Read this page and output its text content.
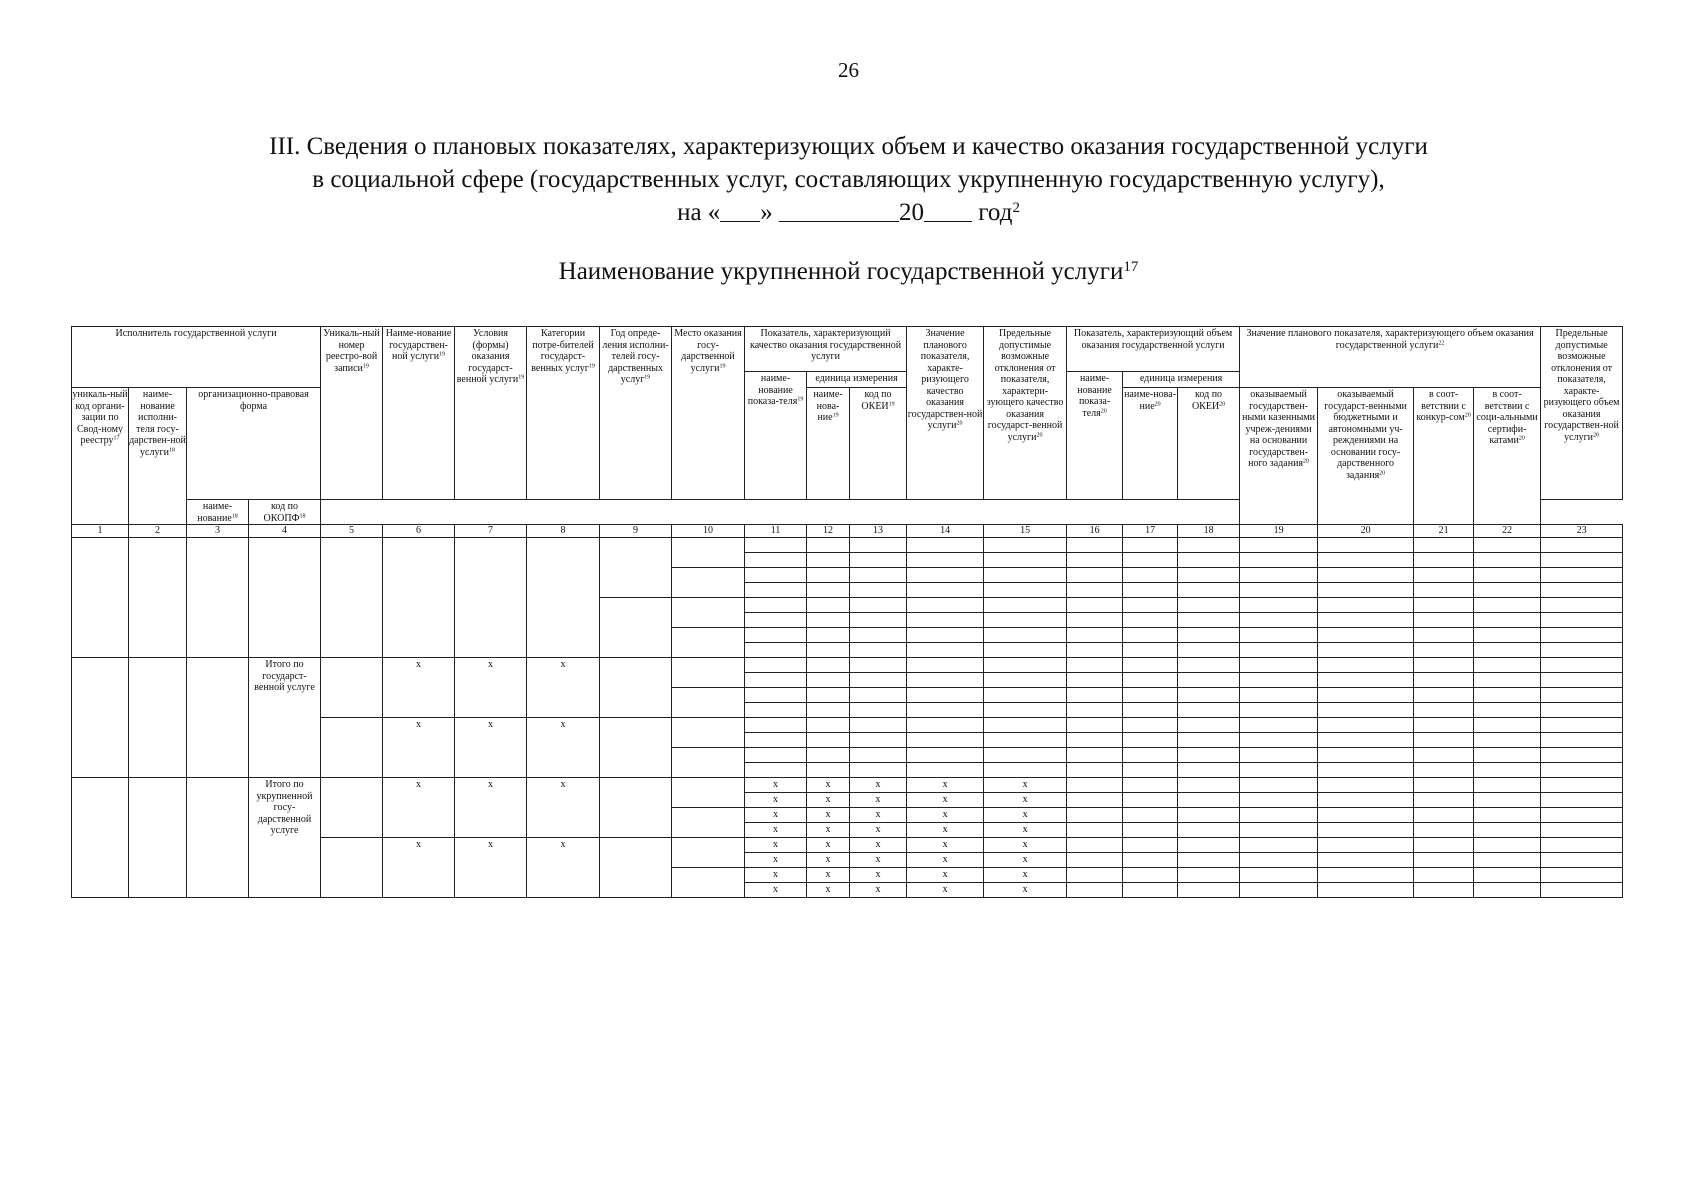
26
III. Сведения о плановых показателях, характеризующих объем и качество оказания государственной услуги
в социальной сфере (государственных услуг, составляющих укрупненную государственную услугу),
на « »	20 год$^2$
Наименование укрупненной государственной услуги$^{17}$
Исполнитель государственной услуги				Уникаль-ный номер реестро-вой записи$^{19}$	Наиме-нование государствен-ной услуги$^{19}$	Условия (формы) оказания государст-венной услуги$^{19}$	Категории потре-бителей государст-венных услуг$^{19}$	Год опреде-ления исполни-телей госу-дарственных услуг$^{19}$	Место оказания госу-дарственной услуги$^{19}$	Показатель, характеризующий качество оказания государственной услуги			Значение планового показателя, характе-ризующего качество оказания государствен-ной услуги$^{20}$	Предельные допустимые возможные отклонения от показателя, характери-зующего качество оказания государст-венной услуги$^{20}$	Показатель, характеризующий объем оказания государственной услуги			Значение планового показателя, характеризующего объем оказания государственной услуги$^{22}$				Предельные допустимые возможные отклонения от показателя, характе-ризующего объем оказания государствен-ной услуги$^{20}$
										наиме-нование показа-теля$^{19}$	единица измерения				наиме-нование показа-теля$^{20}$	единица измерения						
уникаль-ный код органи-зации по Свод-ному реестру$^{17}$	наиме-нование исполни-теля госу-дарствен-ной услуги$^{18}$	организационно-правовая форма									наиме-нова-ние$^{19}$	код по ОКЕИ$^{19}$				наиме-нова-ние$^{20}$	код по ОКЕИ$^{20}$	оказываемый государствен-ными казенными учреж-дениями на основании государствен-ного задания$^{20}$	оказываемый государст-венными бюджетными и автономными уч-реждениями на основании госу-дарственного задания$^{20}$	в соот-ветствии с конкур-сом$^{20}$	в соот-ветствии с соци-альными сертифи-катами$^{20}$
		наиме-нование$^{18}$	код по ОКОПФ$^{18}$
1	2	3	4	5	6	7	8	9	10	11	12	13	14	15	16	17	18	19	20	21	22	23

			Итого по государст-венной услуге		х	х	х															

					х	х	х															

			Итого по укрупненной госу-дарственной услуге		х	х	х			х	х	х	х	х								
										х	х	х	х	х								
										х	х	х	х	х								
										х	х	х	х	х								
					х	х	х			х	х	х	х	х								
										х	х	х	х	х								
										х	х	х	х	х								
										х	х	х	х	х								
